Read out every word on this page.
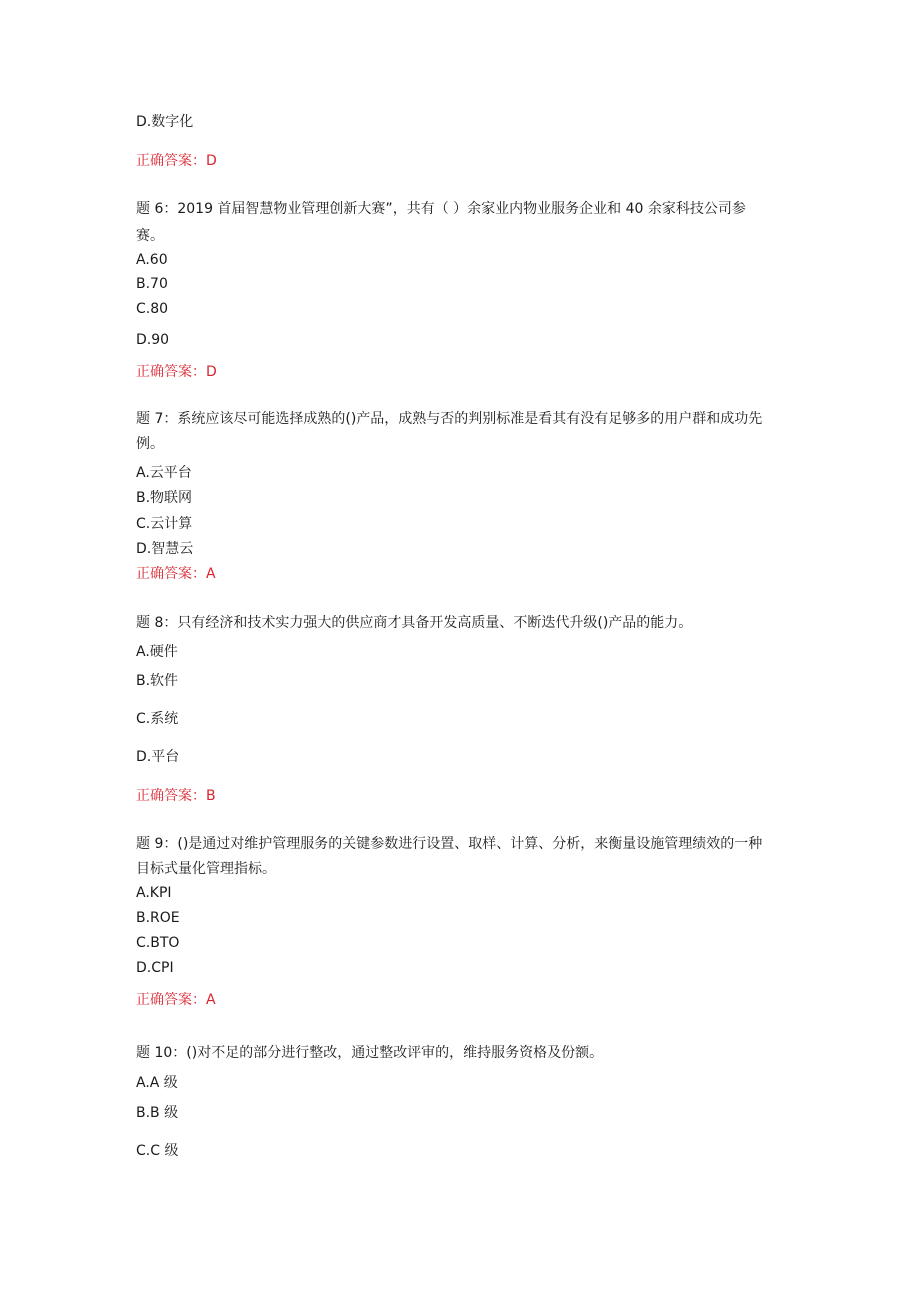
D.数字化
正确答案：D
题 6：2019 首届智慧物业管理创新大赛”，共有（ ）余家业内物业服务企业和 40 余家科技公司参
赛。
A.60
B.70
C.80
D.90
正确答案：D
题 7：系统应该尽可能选择成熟的()产品，成熟与否的判别标准是看其有没有足够多的用户群和成功先
例。
A.云平台
B.物联网
C.云计算
D.智慧云
正确答案：A
题 8：只有经济和技术实力强大的供应商才具备开发高质量、不断迭代升级()产品的能力。
A.硬件
B.软件
C.系统
D.平台
正确答案：B
题 9：()是通过对维护管理服务的关键参数进行设置、取样、计算、分析，来衡量设施管理绩效的一种
目标式量化管理指标。
A.KPI
B.ROE
C.BTO
D.CPI
正确答案：A
题 10：()对不足的部分进行整改，通过整改评审的，维持服务资格及份额。
A.A 级
B.B 级
C.C 级
